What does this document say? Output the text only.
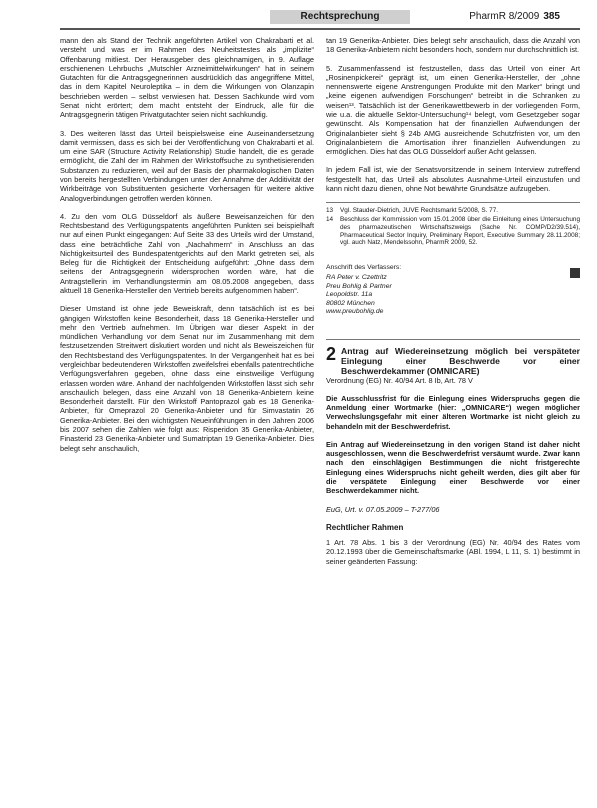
Rechtsprechung	PharmR 8/2009 385

mann den als Stand der Technik angeführten Artikel von Chakrabarti et al. versteht und was er im Rahmen des Neuheitstestes als „implizite“ Offenbarung mitliest. Der Herausgeber des gleichnamigen, in 9. Auflage erschienenen Lehrbuchs „Mutschler Arzneimittelwirkungen“ hat in seinem Gutachten für die Antragsgegnerinnen ausdrücklich das angegriffene Mittel, das in dem Kapitel Neuroleptika – in dem die Wirkungen von Olanzapin beschrieben werden – selbst verwiesen hat. Dessen Sachkunde wird vom Senat nicht erörtert; dem macht entsteht der Eindruck, alle für die Antragsgegnerin tätigen Privatgutachter seien nicht sachkundig.

3. Des weiteren lässt das Urteil beispielsweise eine Auseinandersetzung damit vermissen, dass es sich bei der Veröffentlichung von Chakrabarti et al. um eine SAR (Structure Activity Relationship) Studie handelt, die es gerade ermöglicht, die Zahl der im Rahmen der Wirkstoffsuche zu synthetisierenden Substanzen zu reduzieren, weil auf der Basis der pharmakologischen Daten von bereits hergestellten Verbindungen unter der Annahme der Additivität der Wirkbeiträge von Substituenten gesicherte Vorhersagen für weitere aktive Analogverbindungen getroffen werden können.

4. Zu den vom OLG Düsseldorf als äußere Beweisanzeichen für den Rechtsbestand des Verfügungspatents angeführten Punkten sei beispielhaft nur auf einen Punkt eingegangen: Auf Seite 33 des Urteils wird der Umstand, dass eine beträchtliche Zahl von „Nachahmern“ in Anschluss an das Nichtigkeitsurteil des Bundespatentgerichts auf den Markt getreten sei, als Beleg für die Richtigkeit der Entscheidung aufgeführt: „Ohne dass dem seitens der Antragsgegnerin widersprochen worden wäre, hat die Antragstellerin im Verhandlungstermin am 08.05.2008 angegeben, dass aktuell 18 Generika-Hersteller den Vertrieb bereits aufgenommen haben“.

Dieser Umstand ist ohne jede Beweiskraft, denn tatsächlich ist es bei gängigen Wirkstoffen keine Besonderheit, dass 18 Generika-Hersteller und mehr den Vertrieb aufnehmen. Im Übrigen war dieser Aspekt in der mündlichen Verhandlung vor dem Senat nur im Zusammenhang mit dem festzusetzenden Streitwert diskutiert worden und nicht als Beweiszeichen für den Rechtsbestand des Verfügungspatentes. In der Vergangenheit hat es bei vergleichbar bedeutenderen Wirkstoffen zweifelsfrei ebenfalls patentrechtliche Verfügungsverfahren gegeben, ohne dass eine einstweilige Verfügung erlassen worden wäre. Anhand der nachfolgenden Wirkstoffen lässt sich sehr anschaulich belegen, dass eine Anzahl von 18 Generika-Anbietern keine Besonderheit darstellt. Für den Wirkstoff Pantoprazol gab es 18 Generika-Anbieter, für Omeprazol 20 Generika-Anbieter und für Simvastatin 26 Generika-Anbieter. Bei den wichtigsten Neueinführungen in den Jahren 2006 bis 2007 sehen die Zahlen wie folgt aus: Risperidon 35 Generika-Anbieter, Finasterid 23 Generika-Anbieter und Sumatriptan 19 Generika-Anbieter. Dies belegt sehr anschaulich,

tan 19 Generika-Anbieter. Dies belegt sehr anschaulich, dass die Anzahl von 18 Generika-Anbietern nicht besonders hoch, sondern nur durchschnittlich ist.

5. Zusammenfassend ist festzustellen, dass das Urteil von einer Art „Rosinenpickerei“ geprägt ist, um einen Generika-Hersteller, der „ohne nennenswerte eigene Anstrengungen Produkte mit den Marker“ bringt und „keine eigenen aufwendigen Forschungen“ betreibt in die Schranken zu weisen¹³. Tatsächlich ist der Generikawettbewerb in der vorliegenden Form, wie u.a. die aktuelle Sektor-Untersuchung¹⁴ belegt, vom Gesetzgeber sogar gewünscht. Als Kompensation hat der finanziellen Aufwendungen der Originalanbieter sieht § 24b AMG ausreichende Schutzfristen vor, um den Originalanbietern die Amortisation ihrer finanziellen Aufwendungen zu ermöglichen. Dies hat das OLG Düsseldorf außer Acht gelassen.

In jedem Fall ist, wie der Senatsvorsitzende in seinem Interview zutreffend festgestellt hat, das Urteil als absolutes Ausnahme-Urteil einzustufen und kann nicht dazu dienen, ohne Not bewährte Grundsätze aufzugeben.

13	Vgl. Stauder-Dietrich, JUVE Rechtsmarkt 5/2008, S. 77.
14	Beschluss der Kommission vom 15.01.2008 über die Einleitung eines Untersuchung des pharmazeutischen Wirtschaftszweigs (Sache Nr. COMP/D2/39.514), Pharmaceutical Sector Inquiry, Preliminary Report, Executive Summary 28.11.2008; vgl. auch Natz, Mendelssohn, PharmR 2009, 52.
Anschrift des Verfassers:
RA Peter v. Czettritz
Preu Bohlig & Partner
Leopoldstr. 11a
80802 München
www.preubohlig.de
2 Antrag auf Wiedereinsetzung möglich bei verspäteter Einlegung einer Beschwerde vor einer Beschwerdekammer (OMNICARE)

Verordnung (EG) Nr. 40/94 Art. 8 Ib, Art. 78 V

Die Ausschlussfrist für die Einlegung eines Widerspruchs gegen die Anmeldung einer Wortmarke (hier: „OMNICARE“) wegen möglicher Verwechslungsgefahr mit einer älteren Wortmarke ist nicht gleich zu behandeln mit der Beschwerdefrist.

Ein Antrag auf Wiedereinsetzung in den vorigen Stand ist daher nicht ausgeschlossen, wenn die Beschwerdefrist versäumt wurde. Zwar kann nach den einschlägigen Bestimmungen die nicht fristgerechte Einlegung eines Widerspruchs nicht geheilt werden, dies gilt aber für die verspätete Einlegung einer Beschwerde vor einer Beschwerdekammer nicht.

EuG, Urt. v. 07.05.2009 – T-277/06

Rechtlicher Rahmen

1 Art. 78 Abs. 1 bis 3 der Verordnung (EG) Nr. 40/94 des Rates vom 20.12.1993 über die Gemeinschaftsmarke (ABl. 1994, L 11, S. 1) bestimmt in seiner geänderten Fassung:
